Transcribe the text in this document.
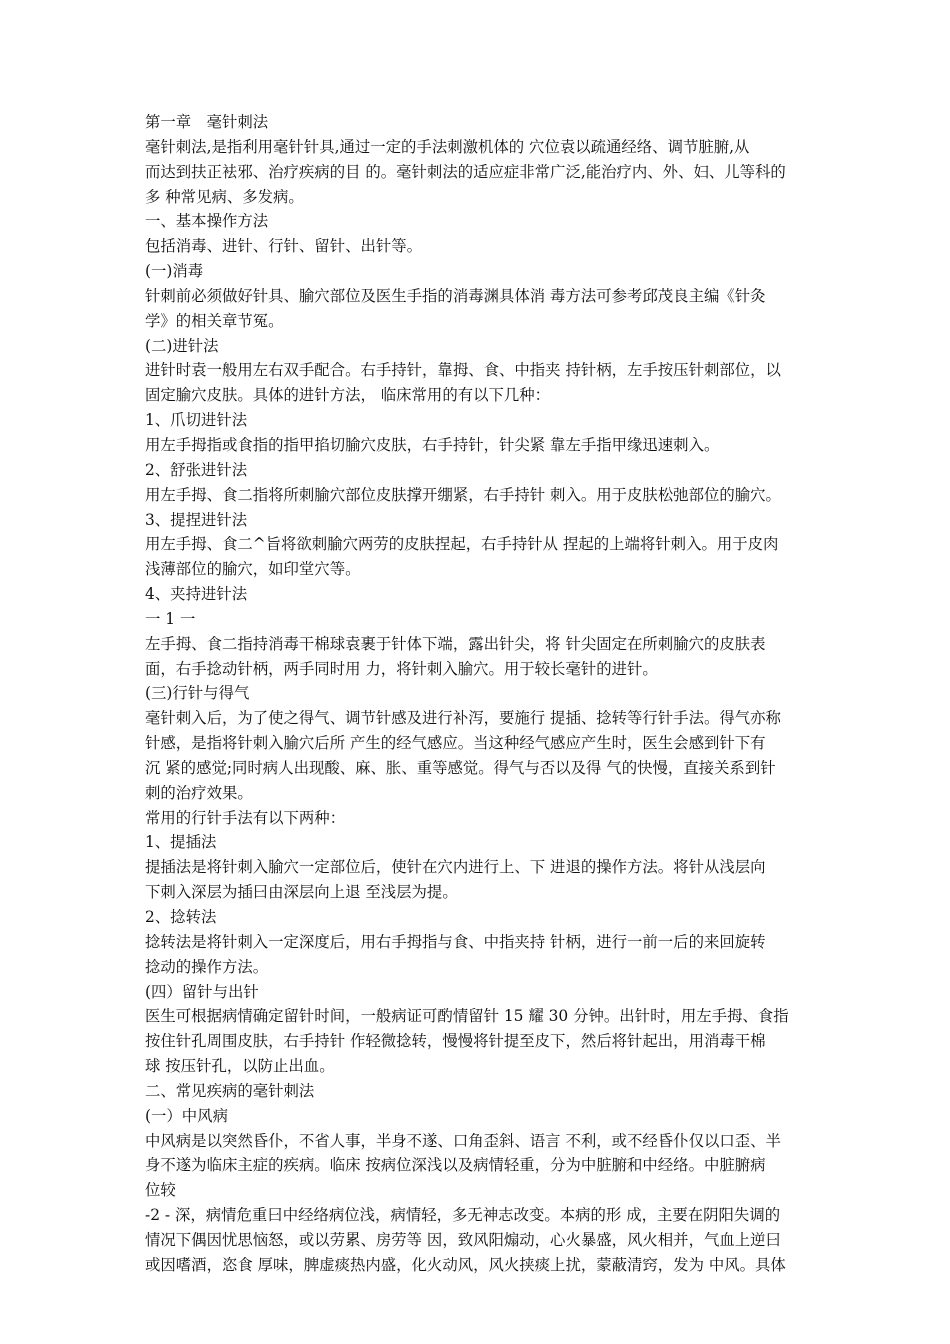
第一章　毫针刺法
毫针刺法,是指利用毫针针具,通过一定的手法刺激机体的 穴位袁以疏通经络、调节脏腑,从
而达到扶正袪邪、治疗疾病的目 的。毫针刺法的适应症非常广泛,能治疗内、外、妇、儿等科的
多 种常见病、多发病。
一、基本操作方法
包括消毒、进针、行针、留针、出针等。
(一)消毒
针刺前必须做好针具、腧穴部位及医生手指的消毒渊具体消 毒方法可参考邱茂良主编《针灸
学》的相关章节冤。
(二)进针法
进针时袁一般用左右双手配合。右手持针，靠拇、食、中指夹 持针柄，左手按压针刺部位，以
固定腧穴皮肤。具体的进针方法， 临床常用的有以下几种：
1、爪切进针法
用左手拇指或食指的指甲掐切腧穴皮肤，右手持针，针尖紧 靠左手指甲缘迅速刺入。
2、舒张进针法
用左手拇、食二指将所刺腧穴部位皮肤撑开绷紧，右手持针 刺入。用于皮肤松弛部位的腧穴。
3、提捏进针法
用左手拇、食二^旨将欲刺腧穴两劳的皮肤捏起，右手持针从 捏起的上端将针刺入。用于皮肉
浅薄部位的腧穴，如印堂穴等。
4、夹持进针法
一 1 一
左手拇、食二指持消毒干棉球袁裹于针体下端，露出针尖，将 针尖固定在所刺腧穴的皮肤表
面，右手捻动针柄，两手同时用 力，将针刺入腧穴。用于较长毫针的进针。
(三)行针与得气
毫针刺入后，为了使之得气、调节针感及进行补泻，要施行 提插、捻转等行针手法。得气亦称
针感，是指将针刺入腧穴后所 产生的经气感应。当这种经气感应产生时，医生会感到针下有
沉 紧的感觉;同时病人出现酸、麻、胀、重等感觉。得气与否以及得 气的快慢，直接关系到针
刺的治疗效果。
常用的行针手法有以下两种：
1、提插法
提插法是将针刺入腧穴一定部位后，使针在穴内进行上、下 进退的操作方法。将针从浅层向
下刺入深层为插曰由深层向上退 至浅层为提。
2、捻转法
捻转法是将针刺入一定深度后，用右手拇指与食、中指夹持 针柄，进行一前一后的来回旋转
捻动的操作方法。
(四）留针与出针
医生可根据病情确定留针时间，一般病证可酌情留针 15 耀 30 分钟。出针时，用左手拇、食指
按住针孔周围皮肤，右手持针 作轻微捻转，慢慢将针提至皮下，然后将针起出，用消毒干棉
球 按压针孔，以防止出血。
二、常见疾病的毫针刺法
(一）中风病
中风病是以突然昏仆，不省人事，半身不遂、口角歪斜、语言 不利，或不经昏仆仅以口歪、半
身不遂为临床主症的疾病。临床 按病位深浅以及病情轻重，分为中脏腑和中经络。中脏腑病
位较
-2 - 深，病情危重曰中经络病位浅，病情轻，多无神志改变。本病的形 成，主要在阴阳失调的
情况下偶因忧思恼怒，或以劳累、房劳等 因，致风阳煽动，心火暴盛，风火相并，气血上逆曰
或因嗜酒，恣食 厚味，脾虚痰热内盛，化火动风，风火挟痰上扰，蒙蔽清窍，发为 中风。具体
